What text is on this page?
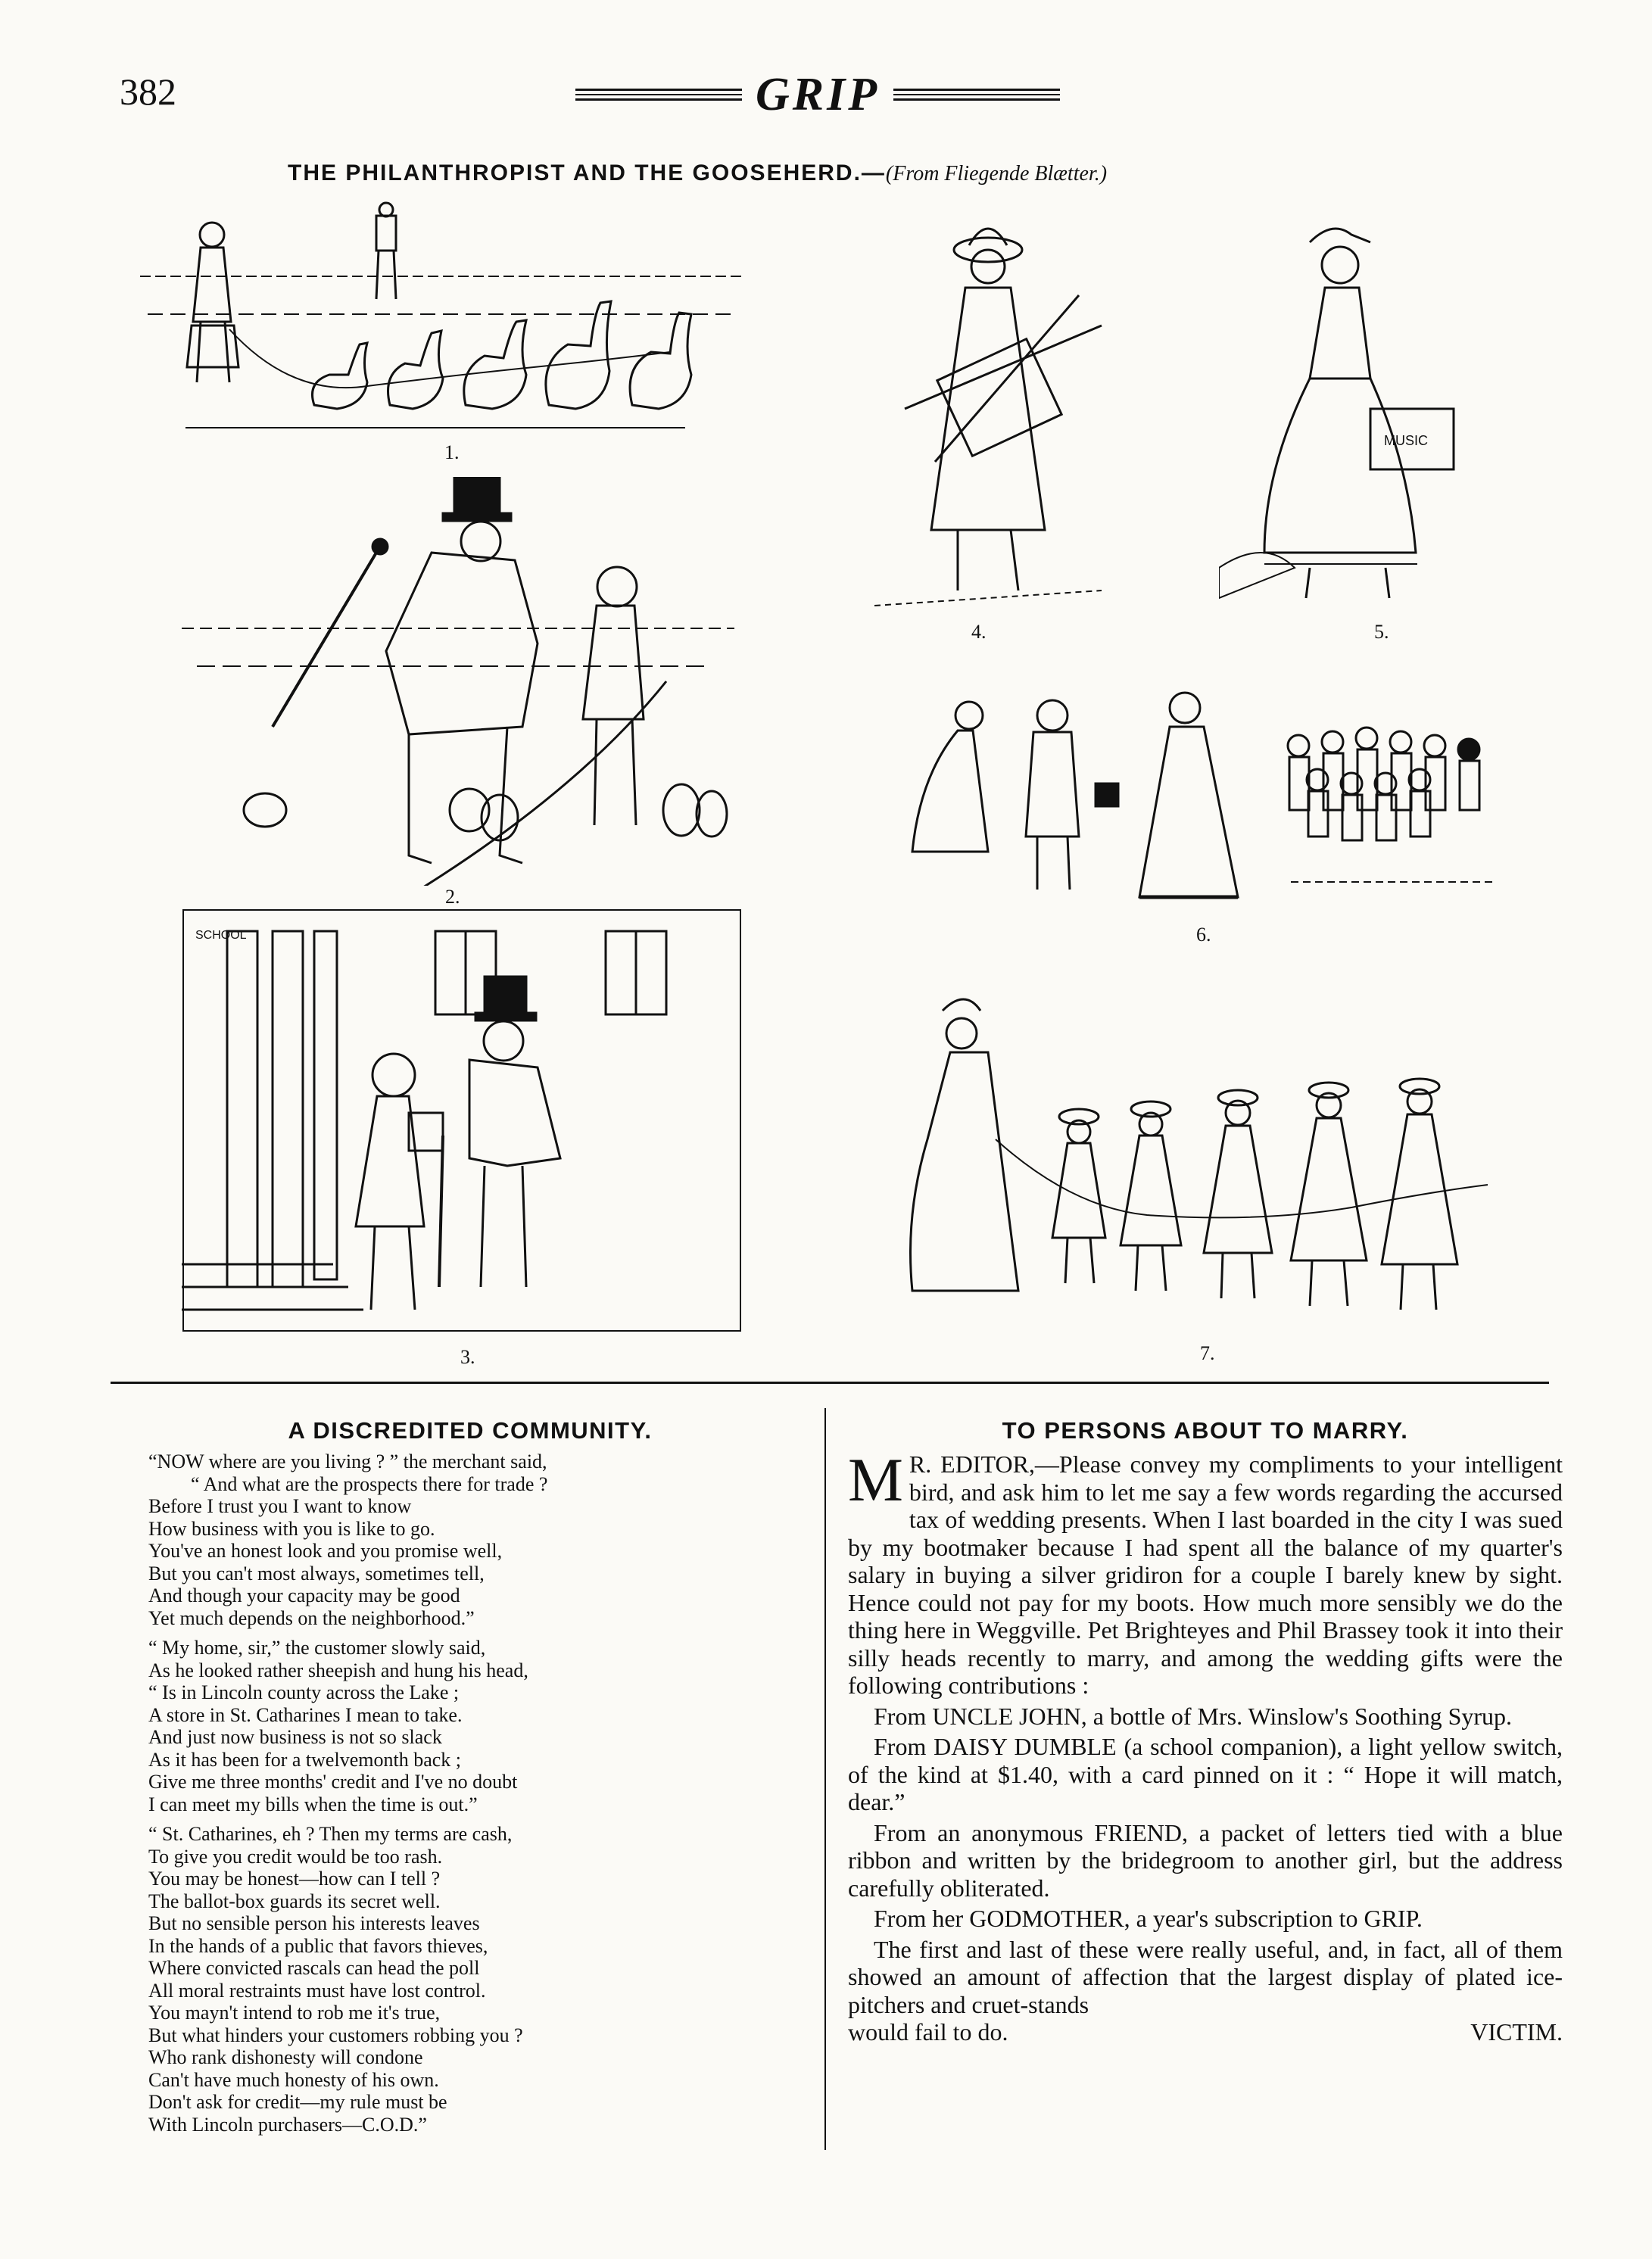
382	GRIP
THE PHILANTHROPIST AND THE GOOSEHERD.—(From Fliegende Blætter.)
1.
2.
SCHOOL
3.
4.
MUSIC
5.
6.
7.
A DISCREDITED COMMUNITY.
“NOW where are you living ? ” the merchant said,
“ And what are the prospects there for trade ?
Before I trust you I want to know
How business with you is like to go.
You've an honest look and you promise well,
But you can't most always, sometimes tell,
And though your capacity may be good
Yet much depends on the neighborhood.”
“ My home, sir,” the customer slowly said,
As he looked rather sheepish and hung his head,
“ Is in Lincoln county across the Lake ;
A store in St. Catharines I mean to take.
And just now business is not so slack
As it has been for a twelvemonth back ;
Give me three months' credit and I've no doubt
I can meet my bills when the time is out.”
“ St. Catharines, eh ? Then my terms are cash,
To give you credit would be too rash.
You may be honest—how can I tell ?
The ballot-box guards its secret well.
But no sensible person his interests leaves
In the hands of a public that favors thieves,
Where convicted rascals can head the poll
All moral restraints must have lost control.
You mayn't intend to rob me it's true,
But what hinders your customers robbing you ?
Who rank dishonesty will condone
Can't have much honesty of his own.
Don't ask for credit—my rule must be
With Lincoln purchasers—C.O.D.”
TO PERSONS ABOUT TO MARRY.

M R. EDITOR,—Please convey my compliments to your intelligent bird, and ask him to let me say a few words regarding the accursed tax of wedding presents. When I last boarded in the city I was sued by my bootmaker because I had spent all the balance of my quarter's salary in buying a silver gridiron for a couple I barely knew by sight. Hence could not pay for my boots. How much more sensibly we do the thing here in Weggville. Pet Brighteyes and Phil Brassey took it into their silly heads recently to marry, and among the wedding gifts were the following contributions :

From UNCLE JOHN, a bottle of Mrs. Winslow's Soothing Syrup.

From DAISY DUMBLE (a school companion), a light yellow switch, of the kind at $1.40, with a card pinned on it : “ Hope it will match, dear.”

From an anonymous FRIEND, a packet of letters tied with a blue ribbon and written by the bridegroom to another girl, but the address carefully obliterated.

From her GODMOTHER, a year's subscription to GRIP.

The first and last of these were really useful, and, in fact, all of them showed an amount of affection that the largest display of plated ice-pitchers and cruet-stands

would fail to do.	VICTIM.
